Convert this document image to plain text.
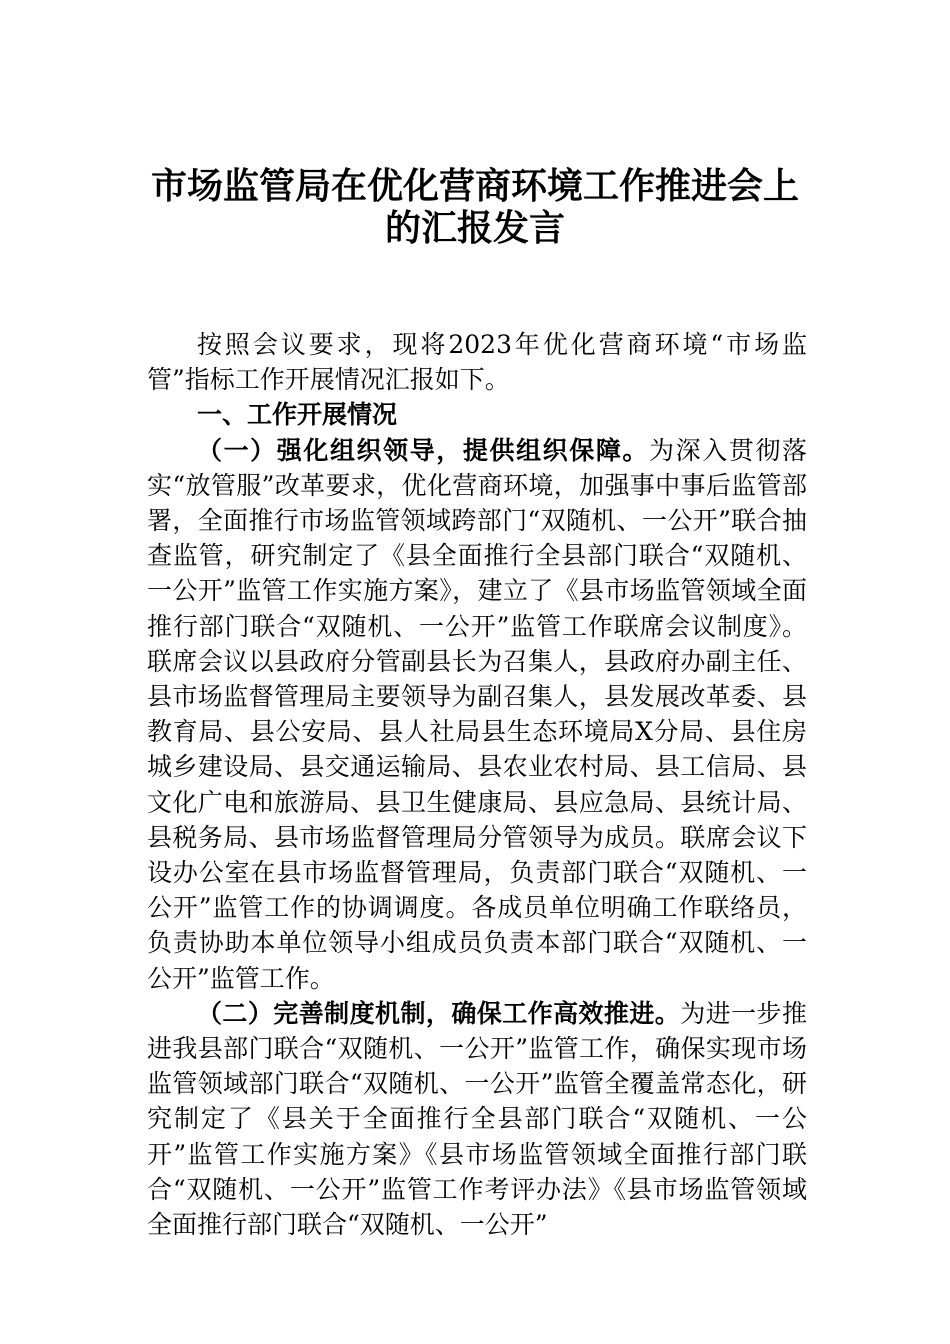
市场监管局在优化营商环境工作推进会上
的汇报发言

按照会议要求，现将2023年优化营商环境“市场监管”指标工作开展情况汇报如下。

一、工作开展情况

（一）强化组织领导，提供组织保障。为深入贯彻落实“放管服”改革要求，优化营商环境，加强事中事后监管部署，全面推行市场监管领域跨部门“双随机、一公开”联合抽查监管，研究制定了《县全面推行全县部门联合“双随机、一公开”监管工作实施方案》，建立了《县市场监管领域全面推行部门联合“双随机、一公开”监管工作联席会议制度》。联席会议以县政府分管副县长为召集人，县政府办副主任、县市场监督管理局主要领导为副召集人，县发展改革委、县教育局、县公安局、县人社局县生态环境局X分局、县住房城乡建设局、县交通运输局、县农业农村局、县工信局、县文化广电和旅游局、县卫生健康局、县应急局、县统计局、县税务局、县市场监督管理局分管领导为成员。联席会议下设办公室在县市场监督管理局，负责部门联合“双随机、一公开”监管工作的协调调度。各成员单位明确工作联络员，负责协助本单位领导小组成员负责本部门联合“双随机、一公开”监管工作。

（二）完善制度机制，确保工作高效推进。为进一步推进我县部门联合“双随机、一公开”监管工作，确保实现市场监管领域部门联合“双随机、一公开”监管全覆盖常态化，研究制定了《县关于全面推行全县部门联合“双随机、一公开”监管工作实施方案》《县市场监管领域全面推行部门联合“双随机、一公开”监管工作考评办法》《县市场监管领域全面推行部门联合“双随机、一公开”
